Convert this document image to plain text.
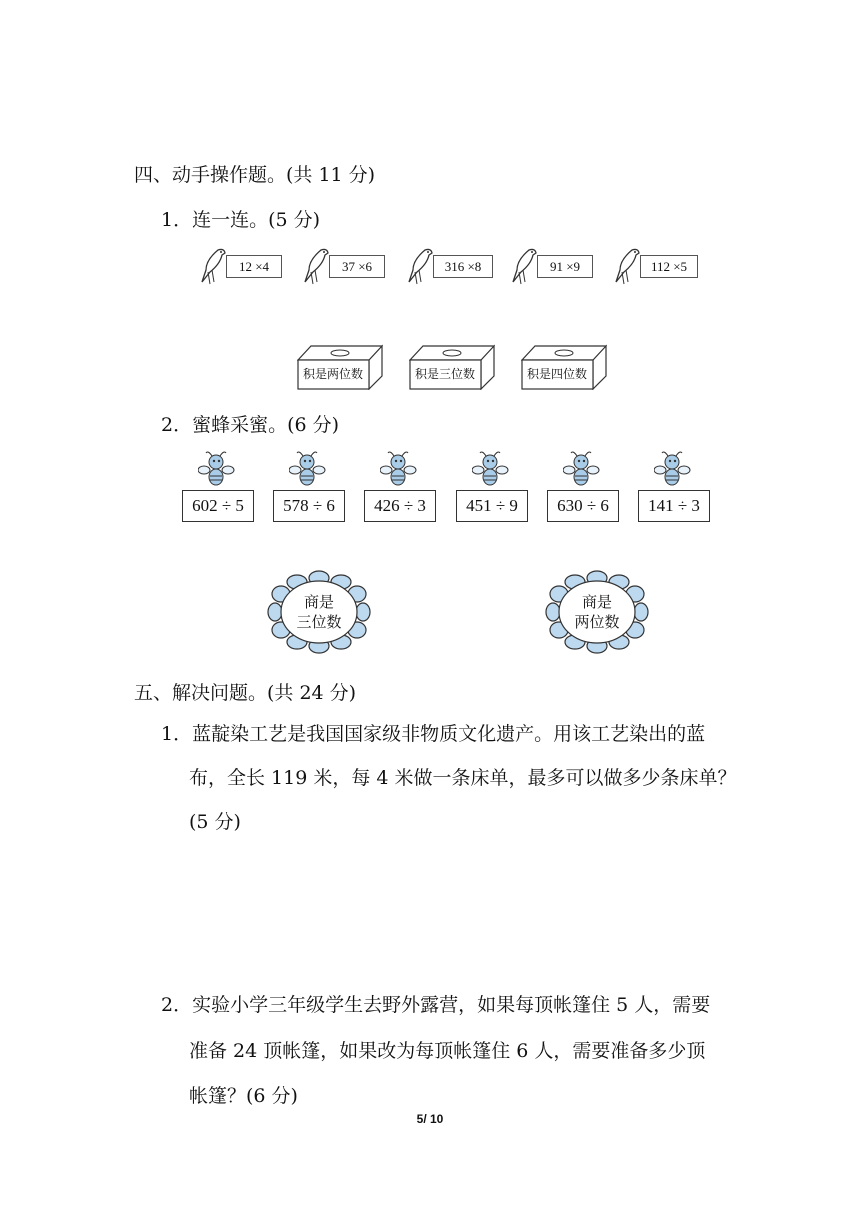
四、动手操作题。(共 11 分)
1．连一连。(5 分)
12 ×4	37 ×6	316 ×8	91 ×9	112 ×5
积是两位数	积是三位数	积是四位数
2．蜜蜂采蜜。(6 分)
602 ÷ 5	578 ÷ 6	426 ÷ 3	451 ÷ 9	630 ÷ 6	141 ÷ 3
商是
三位数
商是
两位数
五、解决问题。(共 24 分)
1．蓝靛染工艺是我国国家级非物质文化遗产。用该工艺染出的蓝
布，全长 119 米，每 4 米做一条床单，最多可以做多少条床单？
(5 分)
2．实验小学三年级学生去野外露营，如果每顶帐篷住 5 人，需要
准备 24 顶帐篷，如果改为每顶帐篷住 6 人，需要准备多少顶
帐篷？(6 分)
5/ 10
